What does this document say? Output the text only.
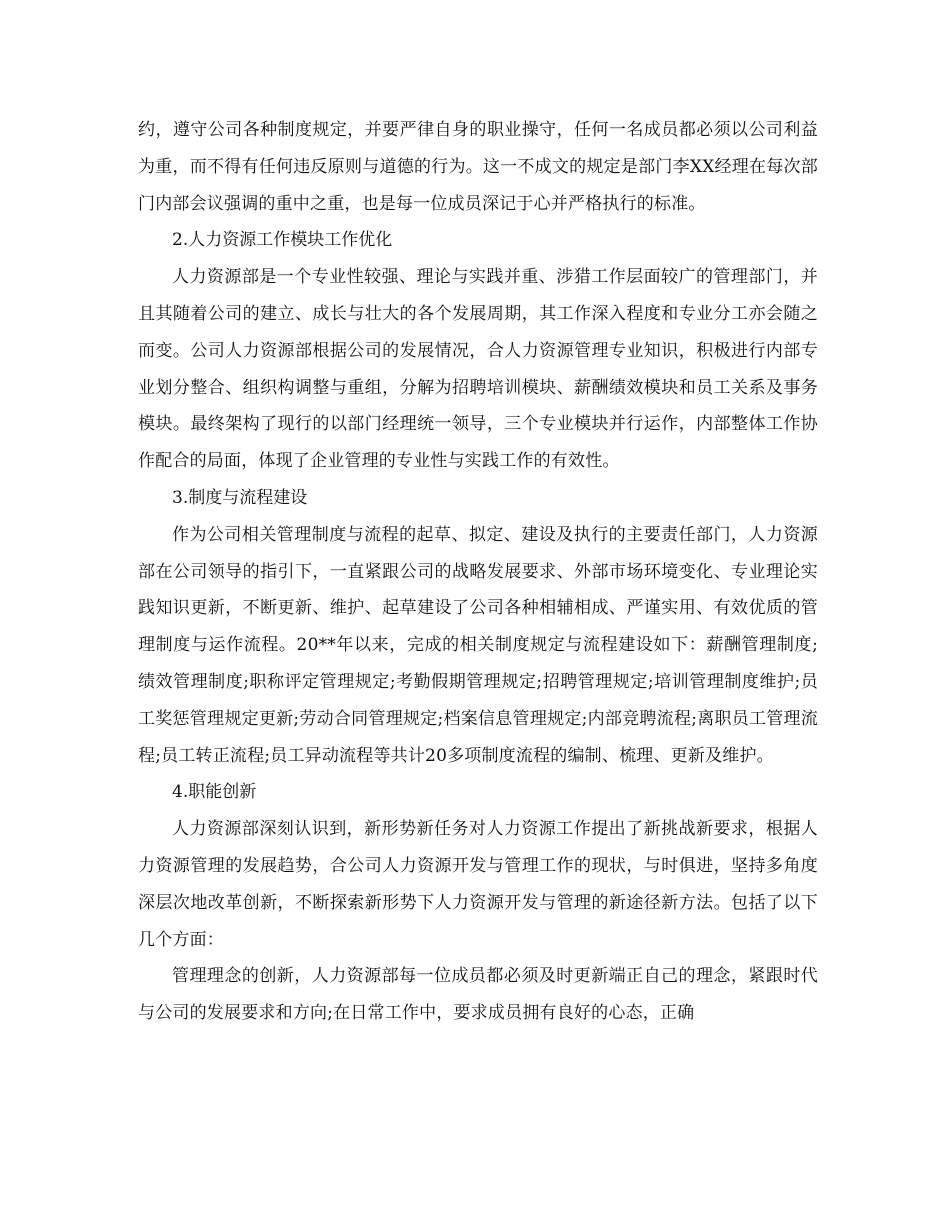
约，遵守公司各种制度规定，并要严律自身的职业操守，任何一名成员都必须以公司利益为重，而不得有任何违反原则与道德的行为。这一不成文的规定是部门李XX经理在每次部门内部会议强调的重中之重，也是每一位成员深记于心并严格执行的标准。

2.人力资源工作模块工作优化

人力资源部是一个专业性较强、理论与实践并重、涉猎工作层面较广的管理部门，并且其随着公司的建立、成长与壮大的各个发展周期，其工作深入程度和专业分工亦会随之而变。公司人力资源部根据公司的发展情况，合人力资源管理专业知识，积极进行内部专业划分整合、组织构调整与重组，分解为招聘培训模块、薪酬绩效模块和员工关系及事务模块。最终架构了现行的以部门经理统一领导，三个专业模块并行运作，内部整体工作协作配合的局面，体现了企业管理的专业性与实践工作的有效性。

3.制度与流程建设

作为公司相关管理制度与流程的起草、拟定、建设及执行的主要责任部门，人力资源部在公司领导的指引下，一直紧跟公司的战略发展要求、外部市场环境变化、专业理论实践知识更新，不断更新、维护、起草建设了公司各种相辅相成、严谨实用、有效优质的管理制度与运作流程。20**年以来，完成的相关制度规定与流程建设如下：薪酬管理制度;绩效管理制度;职称评定管理规定;考勤假期管理规定;招聘管理规定;培训管理制度维护;员工奖惩管理规定更新;劳动合同管理规定;档案信息管理规定;内部竞聘流程;离职员工管理流程;员工转正流程;员工异动流程等共计20多项制度流程的编制、梳理、更新及维护。

4.职能创新

人力资源部深刻认识到，新形势新任务对人力资源工作提出了新挑战新要求，根据人力资源管理的发展趋势，合公司人力资源开发与管理工作的现状，与时俱进，坚持多角度深层次地改革创新，不断探索新形势下人力资源开发与管理的新途径新方法。包括了以下几个方面：

管理理念的创新，人力资源部每一位成员都必须及时更新端正自己的理念，紧跟时代与公司的发展要求和方向;在日常工作中，要求成员拥有良好的心态，正确
